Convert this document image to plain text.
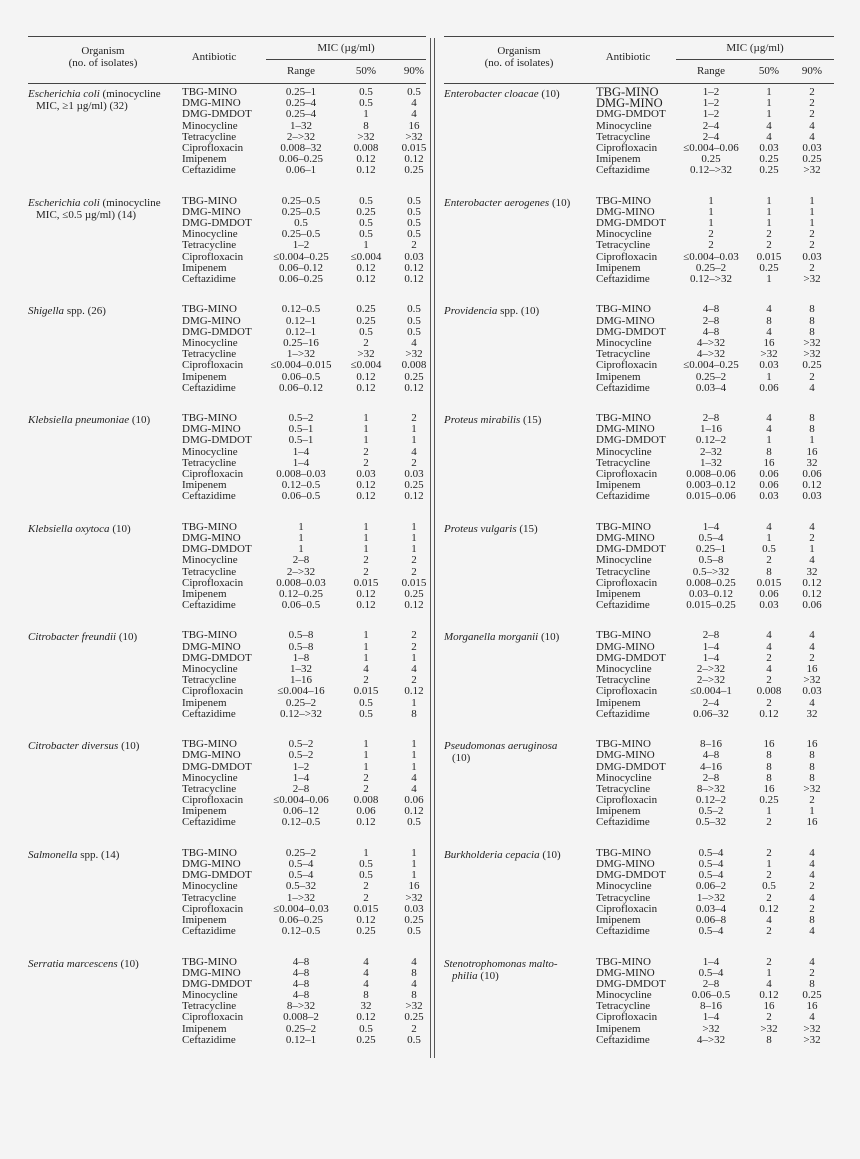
Organism
(no. of isolates)	Antibiotic
MIC (µg/ml)
Range	50%	90%
Escherichia coli (minocycline
MIC, ≥1 µg/ml) (32)
TBG-MINO	0.25–1	0.5	0.5
DMG-MINO	0.25–4	0.5	4
DMG-DMDOT	0.25–4	1	4
Minocycline	1–32	8	16
Tetracycline	2–>32	>32	>32
Ciprofloxacin	0.008–32	0.008	0.015
Imipenem	0.06–0.25	0.12	0.12
Ceftazidime	0.06–1	0.12	0.25
Escherichia coli (minocycline
MIC, ≤0.5 µg/ml) (14)
TBG-MINO	0.25–0.5	0.5	0.5
DMG-MINO	0.25–0.5	0.25	0.5
DMG-DMDOT	0.5	0.5	0.5
Minocycline	0.25–0.5	0.5	0.5
Tetracycline	1–2	1	2
Ciprofloxacin	≤0.004–0.25	≤0.004	0.03
Imipenem	0.06–0.12	0.12	0.12
Ceftazidime	0.06–0.25	0.12	0.12
Shigella spp. (26)	TBG-MINO	0.12–0.5	0.25	0.5
DMG-MINO	0.12–1	0.25	0.5
DMG-DMDOT	0.12–1	0.5	0.5
Minocycline	0.25–16	2	4
Tetracycline	1–>32	>32	>32
Ciprofloxacin	≤0.004–0.015	≤0.004	0.008
Imipenem	0.06–0.5	0.12	0.25
Ceftazidime	0.06–0.12	0.12	0.12
Klebsiella pneumoniae (10)	TBG-MINO	0.5–2	1	2
DMG-MINO	0.5–1	1	1
DMG-DMDOT	0.5–1	1	1
Minocycline	1–4	2	4
Tetracycline	1–4	2	2
Ciprofloxacin	0.008–0.03	0.03	0.03
Imipenem	0.12–0.5	0.12	0.25
Ceftazidime	0.06–0.5	0.12	0.12
Klebsiella oxytoca (10)	TBG-MINO	1	1	1
DMG-MINO	1	1	1
DMG-DMDOT	1	1	1
Minocycline	2–8	2	2
Tetracycline	2–>32	2	2
Ciprofloxacin	0.008–0.03	0.015	0.015
Imipenem	0.12–0.25	0.12	0.25
Ceftazidime	0.06–0.5	0.12	0.12
Citrobacter freundii (10)	TBG-MINO	0.5–8	1	2
DMG-MINO	0.5–8	1	2
DMG-DMDOT	1–8	1	1
Minocycline	1–32	4	4
Tetracycline	1–16	2	2
Ciprofloxacin	≤0.004–16	0.015	0.12
Imipenem	0.25–2	0.5	1
Ceftazidime	0.12–>32	0.5	8
Citrobacter diversus (10)	TBG-MINO	0.5–2	1	1
DMG-MINO	0.5–2	1	1
DMG-DMDOT	1–2	1	1
Minocycline	1–4	2	4
Tetracycline	2–8	2	4
Ciprofloxacin	≤0.004–0.06	0.008	0.06
Imipenem	0.06–12	0.06	0.12
Ceftazidime	0.12–0.5	0.12	0.5
Salmonella spp. (14)	TBG-MINO	0.25–2	1	1
DMG-MINO	0.5–4	0.5	1
DMG-DMDOT	0.5–4	0.5	1
Minocycline	0.5–32	2	16
Tetracycline	1–>32	2	>32
Ciprofloxacin	≤0.004–0.03	0.015	0.03
Imipenem	0.06–0.25	0.12	0.25
Ceftazidime	0.12–0.5	0.25	0.5
Serratia marcescens (10)	TBG-MINO	4–8	4	4
DMG-MINO	4–8	4	8
DMG-DMDOT	4–8	4	4
Minocycline	4–8	8	8
Tetracycline	8–>32	32	>32
Ciprofloxacin	0.008–2	0.12	0.25
Imipenem	0.25–2	0.5	2
Ceftazidime	0.12–1	0.25	0.5
Organism
(no. of isolates)	Antibiotic
MIC (µg/ml)
Range	50%	90%
Enterobacter cloacae (10)	TBG-MINO	1–2	1	2
DMG-MINO	1–2	1	2
DMG-DMDOT	1–2	1	2
Minocycline	2–4	4	4
Tetracycline	2–4	4	4
Ciprofloxacin	≤0.004–0.06	0.03	0.03
Imipenem	0.25	0.25	0.25
Ceftazidime	0.12–>32	0.25	>32
Enterobacter aerogenes (10)	TBG-MINO	1	1	1
DMG-MINO	1	1	1
DMG-DMDOT	1	1	1
Minocycline	2	2	2
Tetracycline	2	2	2
Ciprofloxacin	≤0.004–0.03	0.015	0.03
Imipenem	0.25–2	0.25	2
Ceftazidime	0.12–>32	1	>32
Providencia spp. (10)	TBG-MINO	4–8	4	8
DMG-MINO	2–8	8	8
DMG-DMDOT	4–8	4	8
Minocycline	4–>32	16	>32
Tetracycline	4–>32	>32	>32
Ciprofloxacin	≤0.004–0.25	0.03	0.25
Imipenem	0.25–2	1	2
Ceftazidime	0.03–4	0.06	4
Proteus mirabilis (15)	TBG-MINO	2–8	4	8
DMG-MINO	1–16	4	8
DMG-DMDOT	0.12–2	1	1
Minocycline	2–32	8	16
Tetracycline	1–32	16	32
Ciprofloxacin	0.008–0.06	0.06	0.06
Imipenem	0.003–0.12	0.06	0.12
Ceftazidime	0.015–0.06	0.03	0.03
Proteus vulgaris (15)	TBG-MINO	1–4	4	4
DMG-MINO	0.5–4	1	2
DMG-DMDOT	0.25–1	0.5	1
Minocycline	0.5–8	2	4
Tetracycline	0.5–>32	8	32
Ciprofloxacin	0.008–0.25	0.015	0.12
Imipenem	0.03–0.12	0.06	0.12
Ceftazidime	0.015–0.25	0.03	0.06
Morganella morganii (10)	TBG-MINO	2–8	4	4
DMG-MINO	1–4	4	4
DMG-DMDOT	1–4	2	2
Minocycline	2–>32	4	16
Tetracycline	2–>32	2	>32
Ciprofloxacin	≤0.004–1	0.008	0.03
Imipenem	2–4	2	4
Ceftazidime	0.06–32	0.12	32
Pseudomonas aeruginosa
(10)
TBG-MINO	8–16	16	16
DMG-MINO	4–8	8	8
DMG-DMDOT	4–16	8	8
Minocycline	2–8	8	8
Tetracycline	8–>32	16	>32
Ciprofloxacin	0.12–2	0.25	2
Imipenem	0.5–2	1	1
Ceftazidime	0.5–32	2	16
Burkholderia cepacia (10)	TBG-MINO	0.5–4	2	4
DMG-MINO	0.5–4	1	4
DMG-DMDOT	0.5–4	2	4
Minocycline	0.06–2	0.5	2
Tetracycline	1–>32	2	4
Ciprofloxacin	0.03–4	0.12	2
Imipenem	0.06–8	4	8
Ceftazidime	0.5–4	2	4
Stenotrophomonas malto-
philia (10)
TBG-MINO	1–4	2	4
DMG-MINO	0.5–4	1	2
DMG-DMDOT	2–8	4	8
Minocycline	0.06–0.5	0.12	0.25
Tetracycline	8–16	16	16
Ciprofloxacin	1–4	2	4
Imipenem	>32	>32	>32
Ceftazidime	4–>32	8	>32
